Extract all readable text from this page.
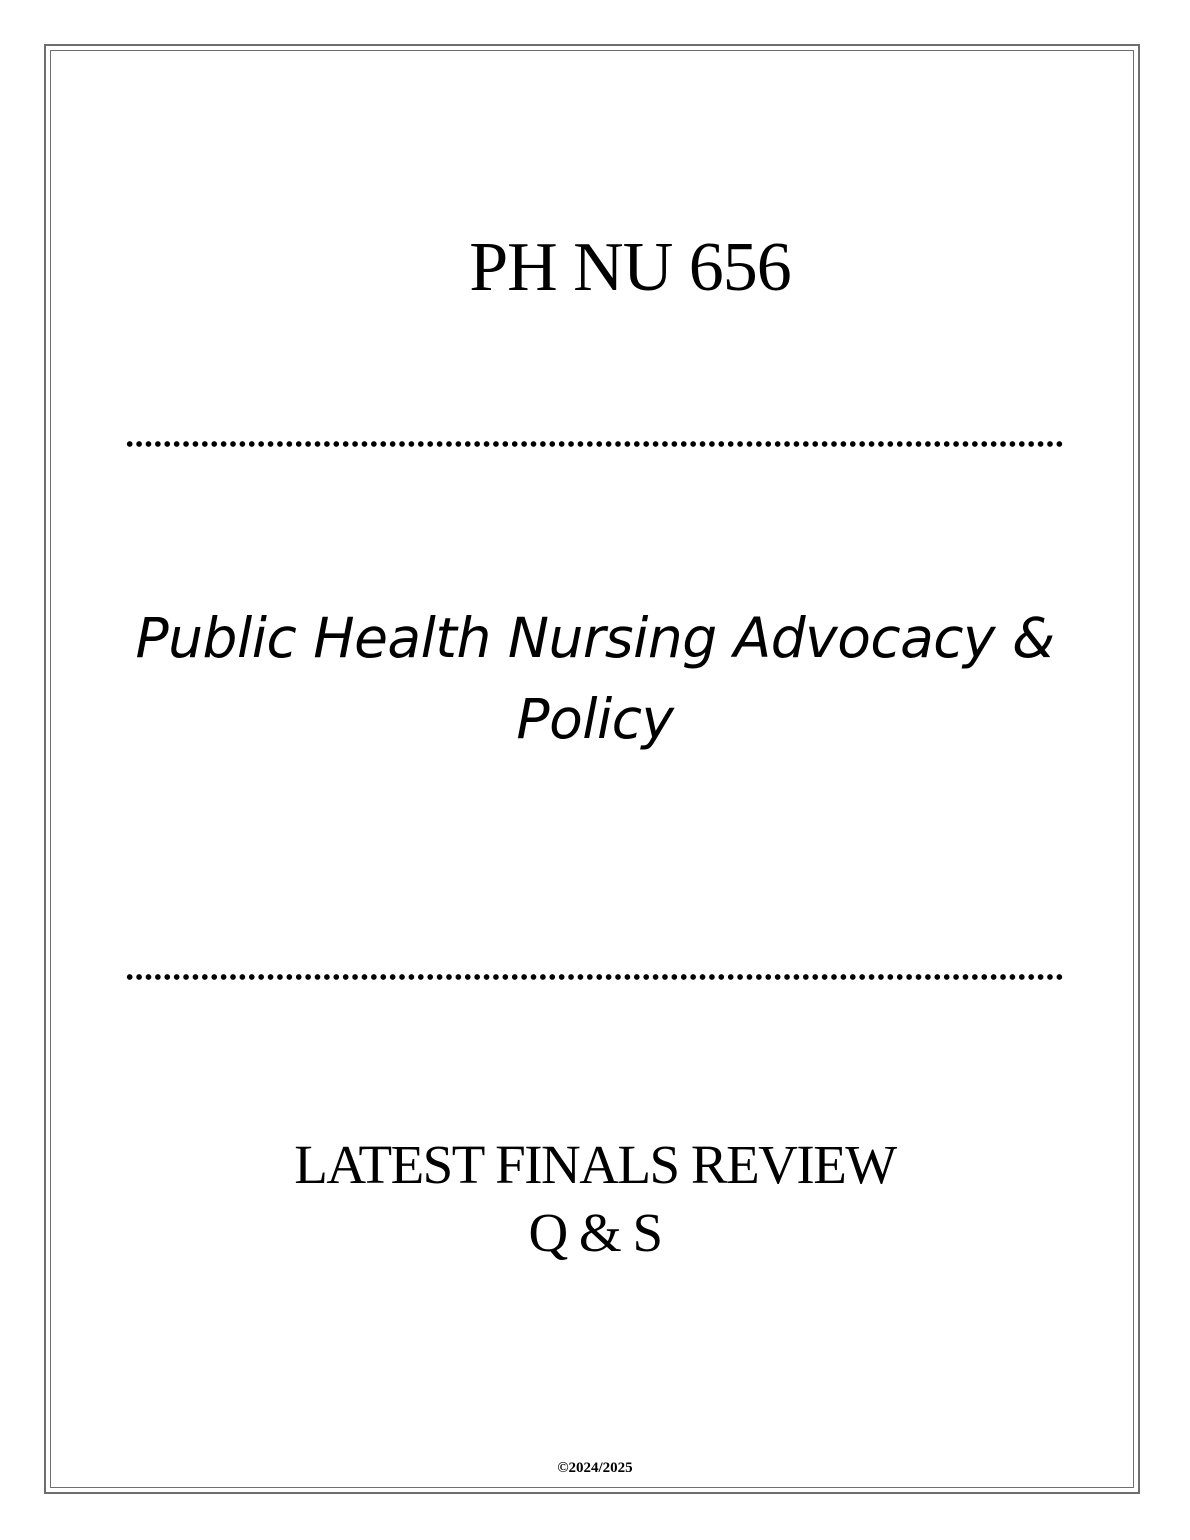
PH NU 656
Public Health Nursing Advocacy &
Policy
LATEST FINALS REVIEW
Q & S
©2024/2025
